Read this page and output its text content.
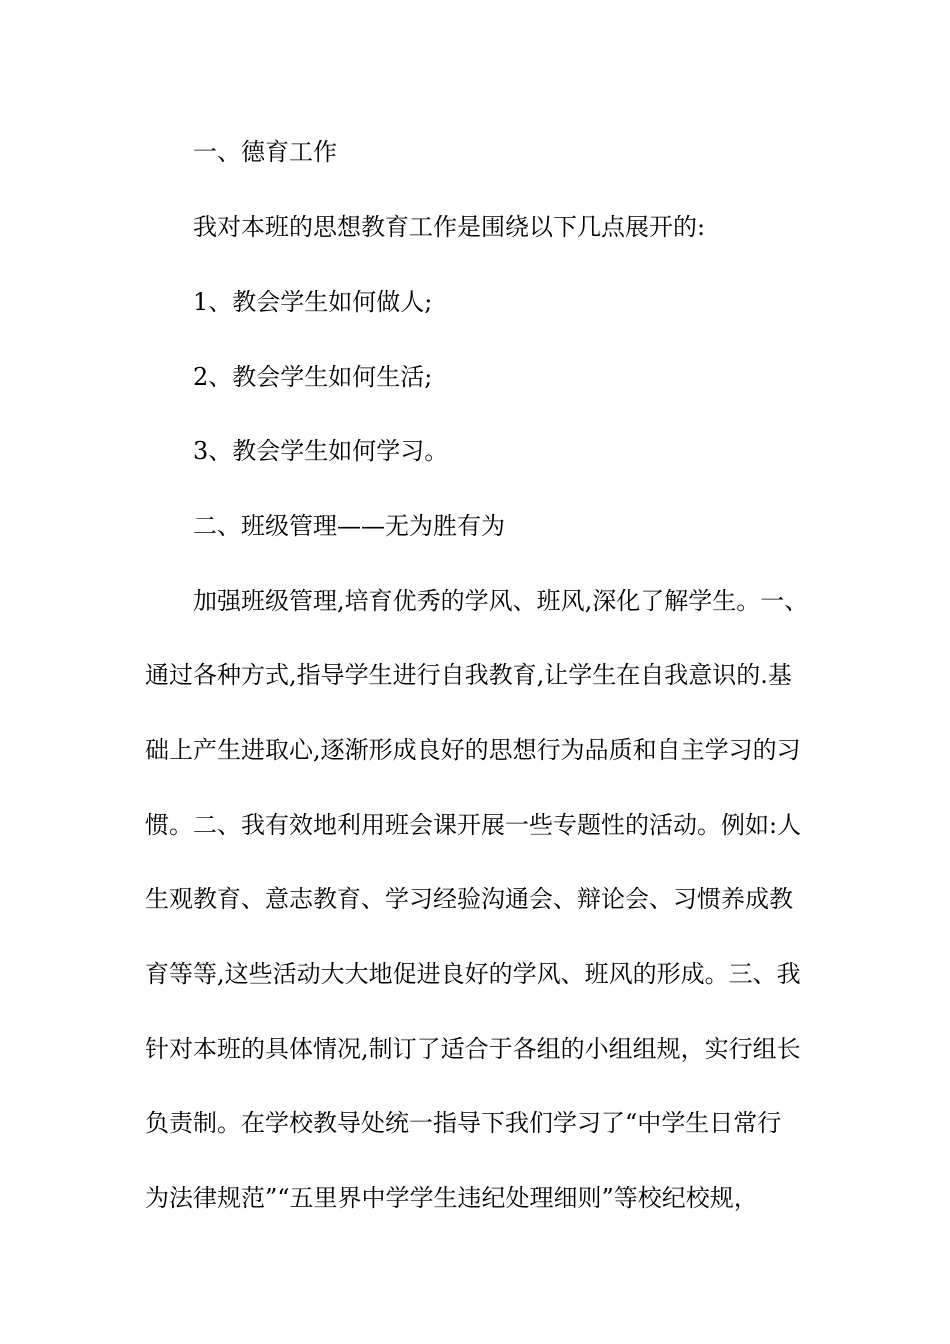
一、德育工作

我对本班的思想教育工作是围绕以下几点展开的:

1、教会学生如何做人;

2、教会学生如何生活;

3、教会学生如何学习。

二、班级管理——无为胜有为

加强班级管理,培育优秀的学风、班风,深化了解学生。一、

通过各种方式,指导学生进行自我教育,让学生在自我意识的.基

础上产生进取心,逐渐形成良好的思想行为品质和自主学习的习

惯。二、我有效地利用班会课开展一些专题性的活动。例如:人

生观教育、意志教育、学习经验沟通会、辩论会、习惯养成教

育等等,这些活动大大地促进良好的学风、班风的形成。三、我

针对本班的具体情况,制订了适合于各组的小组组规，实行组长

负责制。在学校教导处统一指导下我们学习了“中学生日常行

为法律规范”“五里界中学学生违纪处理细则”等校纪校规，
